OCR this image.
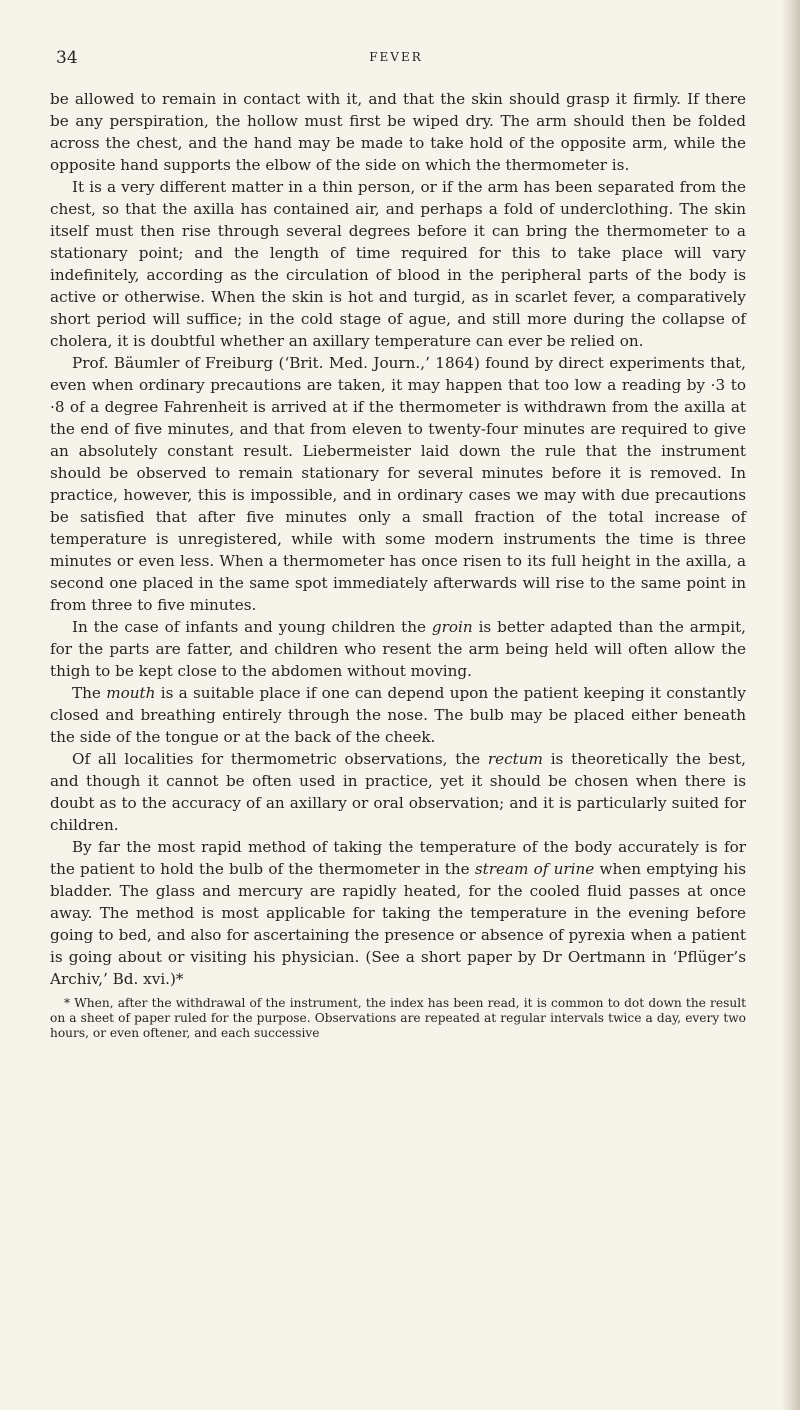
34	FEVER

be allowed to remain in contact with it, and that the skin should grasp it firmly. If there be any perspiration, the hollow must first be wiped dry. The arm should then be folded across the chest, and the hand may be made to take hold of the opposite arm, while the opposite hand supports the elbow of the side on which the thermometer is.

It is a very different matter in a thin person, or if the arm has been separated from the chest, so that the axilla has contained air, and perhaps a fold of underclothing. The skin itself must then rise through several degrees before it can bring the thermometer to a stationary point; and the length of time required for this to take place will vary indefinitely, according as the circulation of blood in the peripheral parts of the body is active or otherwise. When the skin is hot and turgid, as in scarlet fever, a comparatively short period will suffice; in the cold stage of ague, and still more during the collapse of cholera, it is doubtful whether an axillary temperature can ever be relied on.

Prof. Bäumler of Freiburg (‘Brit. Med. Journ.,’ 1864) found by direct experiments that, even when ordinary precautions are taken, it may happen that too low a reading by ·3 to ·8 of a degree Fahrenheit is arrived at if the thermometer is withdrawn from the axilla at the end of five minutes, and that from eleven to twenty-four minutes are required to give an absolutely constant result. Liebermeister laid down the rule that the instrument should be observed to remain stationary for several minutes before it is removed. In practice, however, this is impossible, and in ordinary cases we may with due precautions be satisfied that after five minutes only a small fraction of the total increase of temperature is unregistered, while with some modern instruments the time is three minutes or even less. When a thermometer has once risen to its full height in the axilla, a second one placed in the same spot immediately afterwards will rise to the same point in from three to five minutes.

In the case of infants and young children the groin is better adapted than the armpit, for the parts are fatter, and children who resent the arm being held will often allow the thigh to be kept close to the abdomen without moving.

The mouth is a suitable place if one can depend upon the patient keeping it constantly closed and breathing entirely through the nose. The bulb may be placed either beneath the side of the tongue or at the back of the cheek.

Of all localities for thermometric observations, the rectum is theoretically the best, and though it cannot be often used in practice, yet it should be chosen when there is doubt as to the accuracy of an axillary or oral observation; and it is particularly suited for children.

By far the most rapid method of taking the temperature of the body accurately is for the patient to hold the bulb of the thermometer in the stream of urine when emptying his bladder. The glass and mercury are rapidly heated, for the cooled fluid passes at once away. The method is most applicable for taking the temperature in the evening before going to bed, and also for ascertaining the presence or absence of pyrexia when a patient is going about or visiting his physician. (See a short paper by Dr Oertmann in ‘Pflüger’s Archiv,’ Bd. xvi.)*

* When, after the withdrawal of the instrument, the index has been read, it is common to dot down the result on a sheet of paper ruled for the purpose. Observations are repeated at regular intervals twice a day, every two hours, or even oftener, and each successive
